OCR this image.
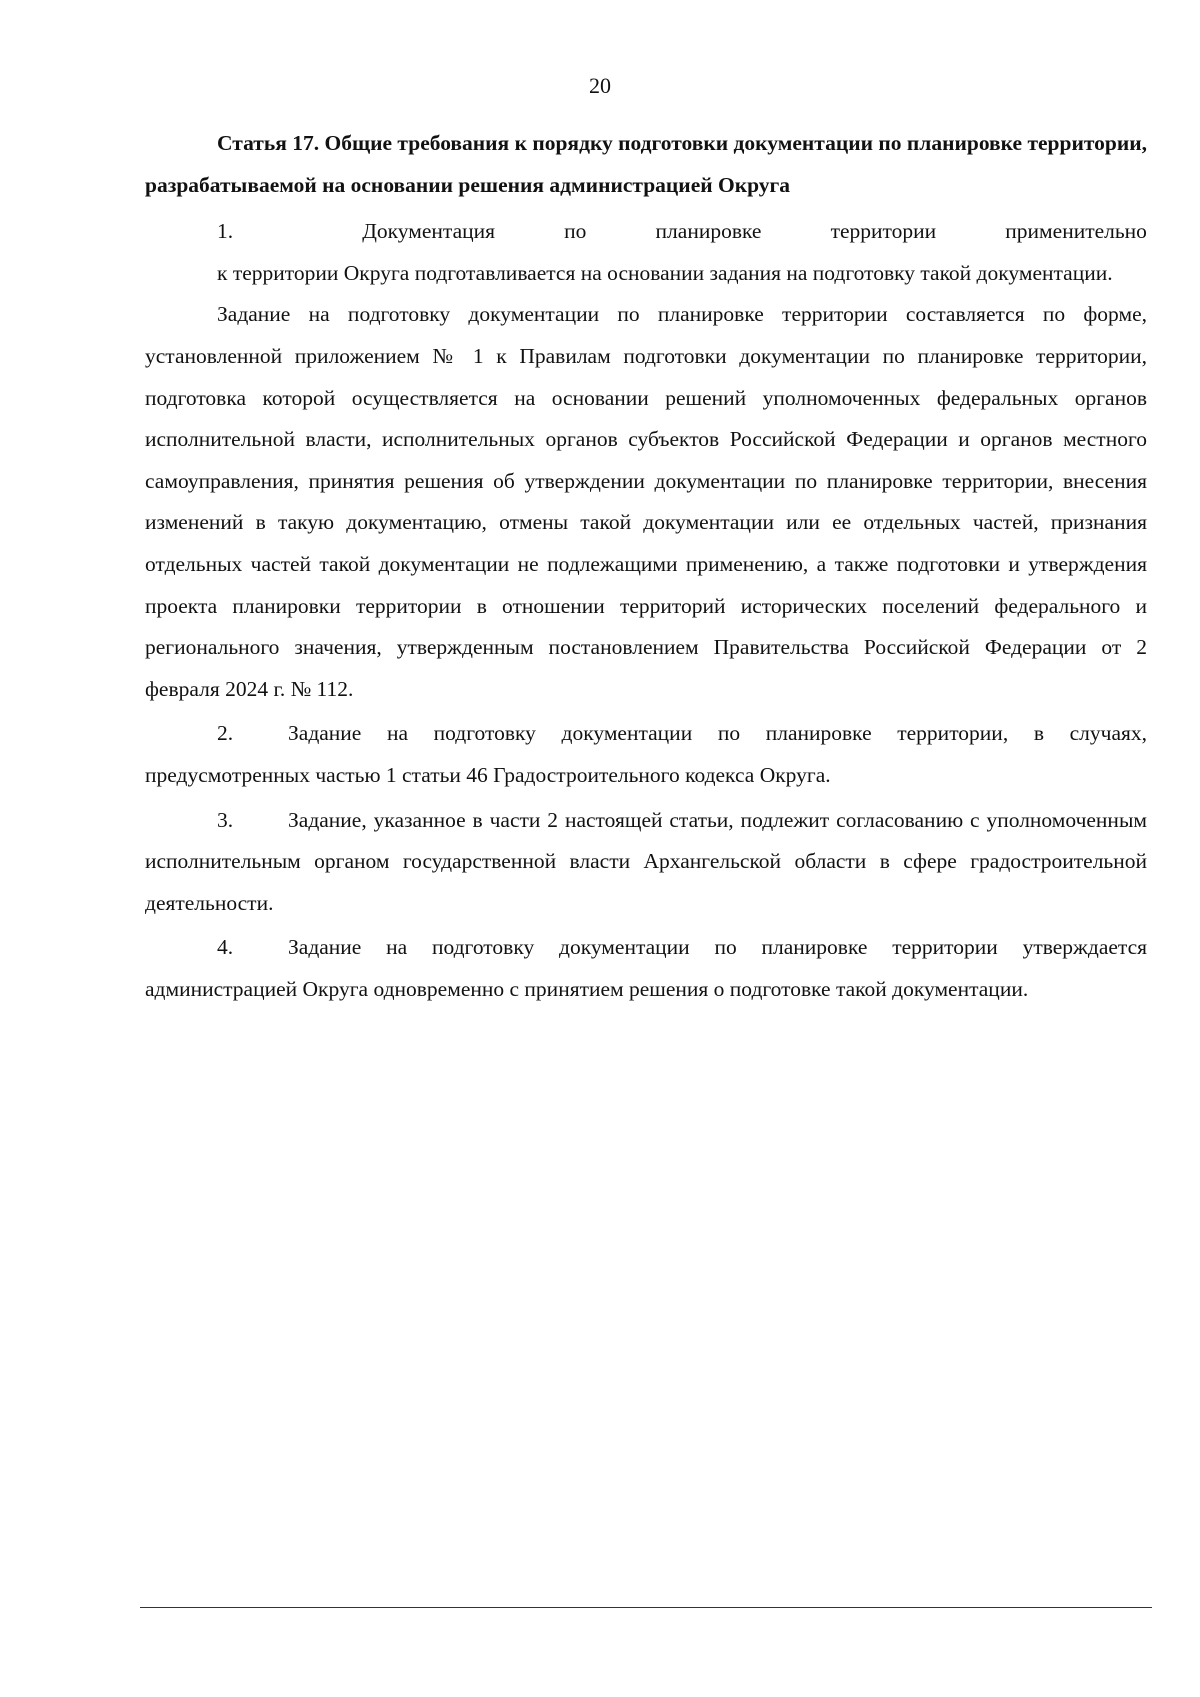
20

Статья 17. Общие требования к порядку подготовки документации по планировке территории, разрабатываемой на основании решения администрацией Округа

1.	Документация	по	планировке	территории	применительно
к территории Округа подготавливается на основании задания на подготовку такой документации.

Задание на подготовку документации по планировке территории составляется по форме, установленной приложением № 1 к Правилам подготовки документации по планировке территории, подготовка которой осуществляется на основании решений уполномоченных федеральных органов исполнительной власти, исполнительных органов субъектов Российской Федерации и органов местного самоуправления, принятия решения об утверждении документации по планировке территории, внесения изменений в такую документацию, отмены такой документации или ее отдельных частей, признания отдельных частей такой документации не подлежащими применению, а также подготовки и утверждения проекта планировки территории в отношении территорий исторических поселений федерального и регионального значения, утвержденным постановлением Правительства Российской Федерации от 2 февраля 2024 г. № 112.

2.	Задание на подготовку документации по планировке территории, в случаях, предусмотренных частью 1 статьи 46 Градостроительного кодекса Округа.

3.	Задание, указанное в части 2 настоящей статьи, подлежит согласованию с уполномоченным исполнительным органом государственной власти Архангельской области в сфере градостроительной деятельности.

4.	Задание на подготовку документации по планировке территории утверждается администрацией Округа одновременно с принятием решения о подготовке такой документации.
